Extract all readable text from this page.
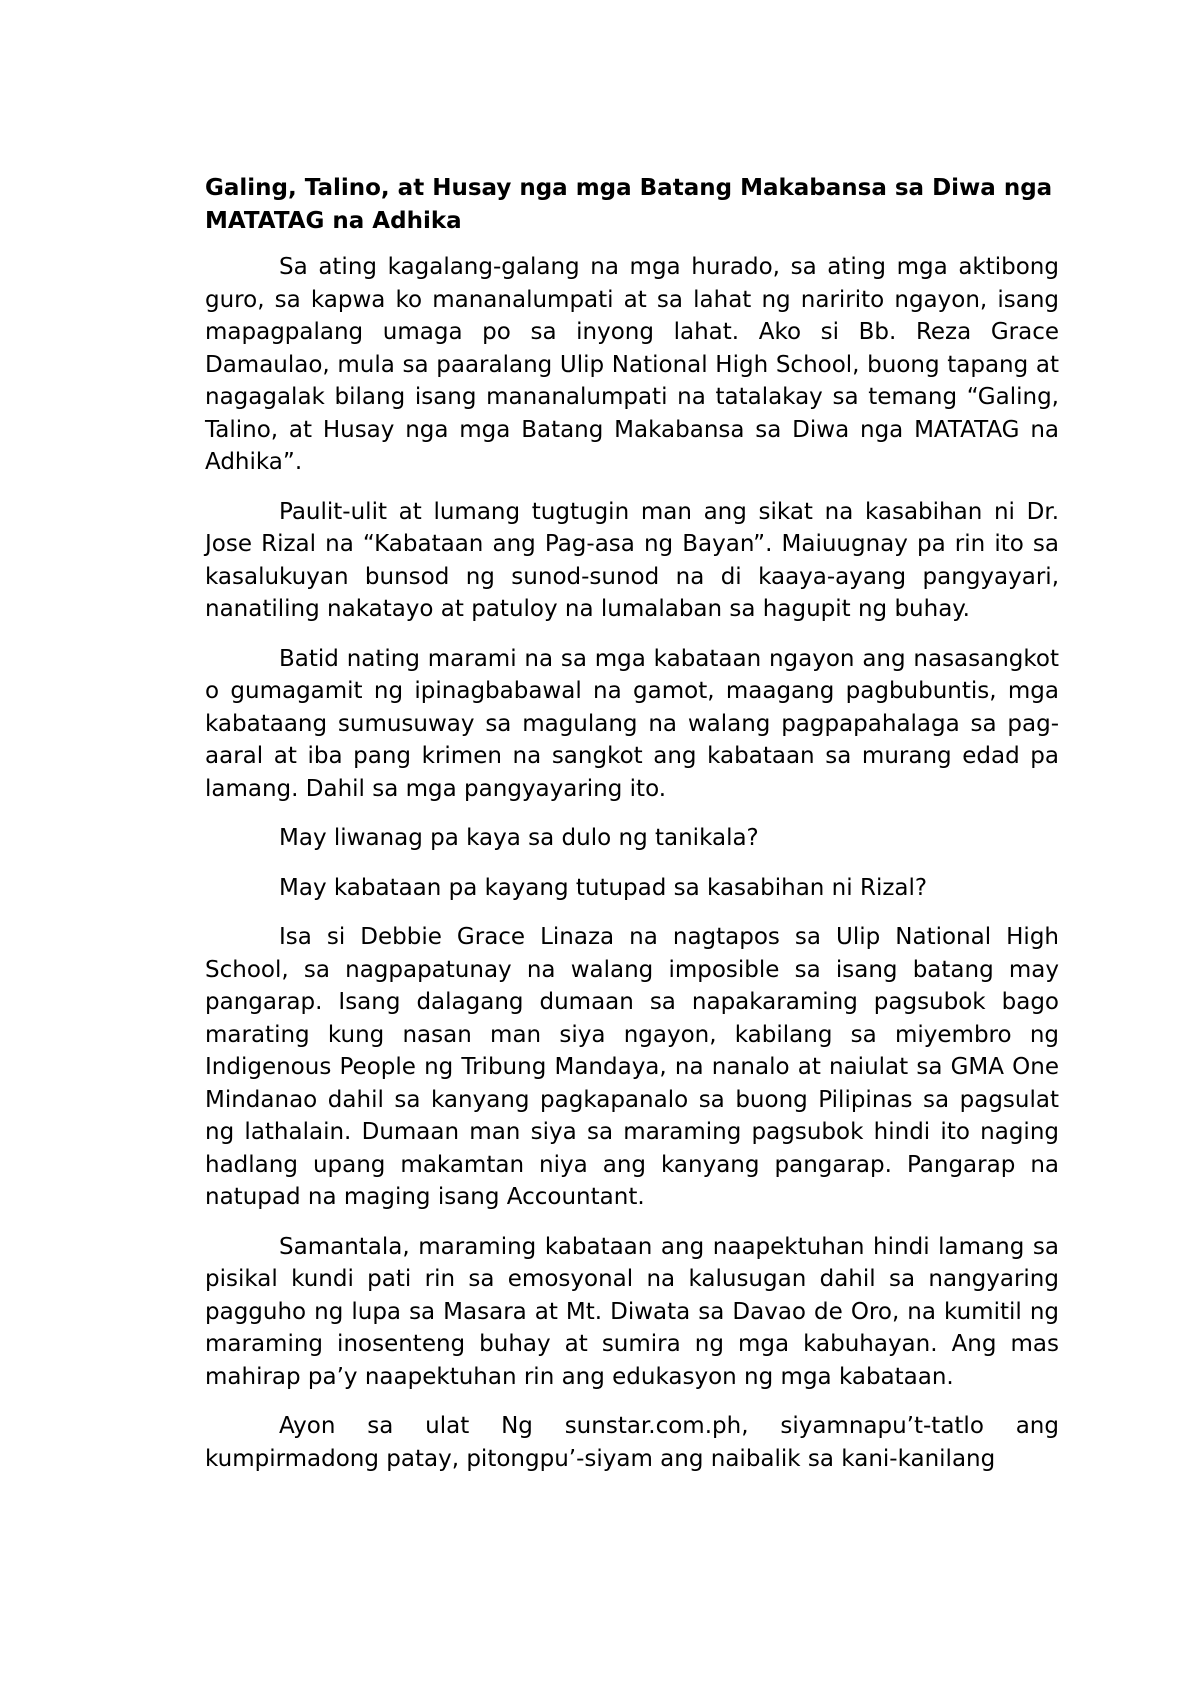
Galing, Talino, at Husay nga mga Batang Makabansa sa Diwa nga MATATAG na Adhika

Sa ating kagalang-galang na mga hurado, sa ating mga aktibong guro, sa kapwa ko mananalumpati at sa lahat ng naririto ngayon, isang mapagpalang umaga po sa inyong lahat. Ako si Bb. Reza Grace Damaulao, mula sa paaralang Ulip National High School, buong tapang at nagagalak bilang isang mananalumpati na tatalakay sa temang “Galing, Talino, at Husay nga mga Batang Makabansa sa Diwa nga MATATAG na Adhika”.

Paulit-ulit at lumang tugtugin man ang sikat na kasabihan ni Dr. Jose Rizal na “Kabataan ang Pag-asa ng Bayan”. Maiuugnay pa rin ito sa kasalukuyan bunsod ng sunod-sunod na di kaaya-ayang pangyayari, nanatiling nakatayo at patuloy na lumalaban sa hagupit ng buhay.

Batid nating marami na sa mga kabataan ngayon ang nasasangkot o gumagamit ng ipinagbabawal na gamot, maagang pagbubuntis, mga kabataang sumusuway sa magulang na walang pagpapahalaga sa pag-aaral at iba pang krimen na sangkot ang kabataan sa murang edad pa lamang. Dahil sa mga pangyayaring ito.

May liwanag pa kaya sa dulo ng tanikala?

May kabataan pa kayang tutupad sa kasabihan ni Rizal?

Isa si Debbie Grace Linaza na nagtapos sa Ulip National High School, sa nagpapatunay na walang imposible sa isang batang may pangarap. Isang dalagang dumaan sa napakaraming pagsubok bago marating kung nasan man siya ngayon, kabilang sa miyembro ng Indigenous People ng Tribung Mandaya, na nanalo at naiulat sa GMA One Mindanao dahil sa kanyang pagkapanalo sa buong Pilipinas sa pagsulat ng lathalain. Dumaan man siya sa maraming pagsubok hindi ito naging hadlang upang makamtan niya ang kanyang pangarap. Pangarap na natupad na maging isang Accountant.

Samantala, maraming kabataan ang naapektuhan hindi lamang sa pisikal kundi pati rin sa emosyonal na kalusugan dahil sa nangyaring pagguho ng lupa sa Masara at Mt. Diwata sa Davao de Oro, na kumitil ng maraming inosenteng buhay at sumira ng mga kabuhayan. Ang mas mahirap pa’y naapektuhan rin ang edukasyon ng mga kabataan.

Ayon sa ulat Ng sunstar.com.ph, siyamnapu’t-tatlo ang kumpirmadong patay, pitongpu’-siyam ang naibalik sa kani-kanilang
